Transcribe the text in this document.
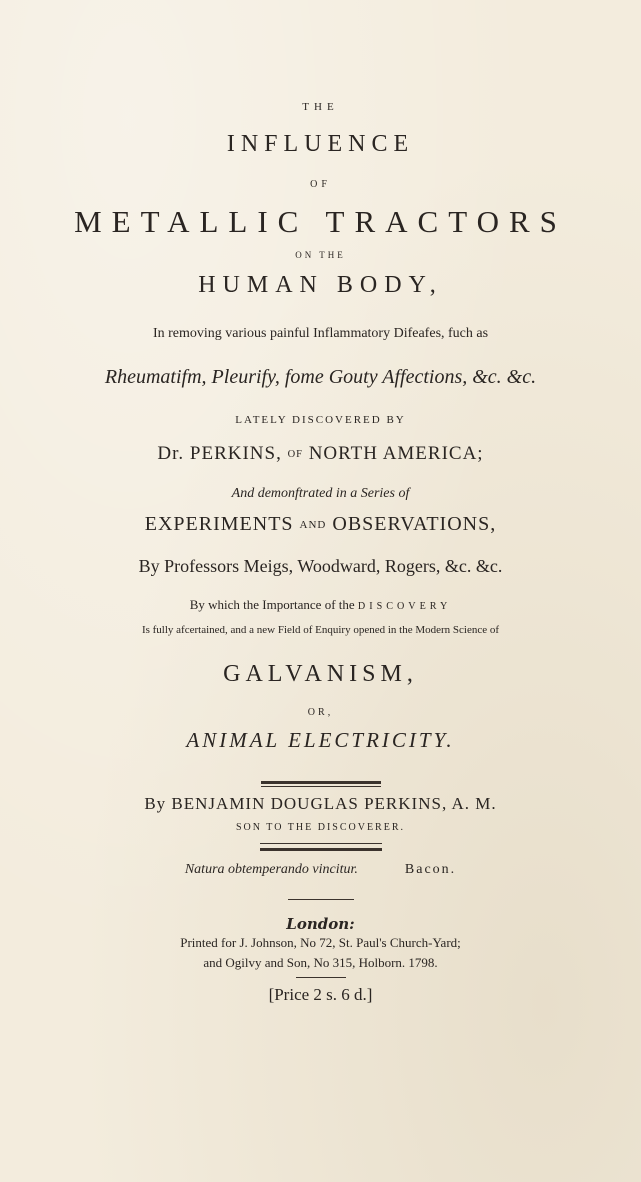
THE
INFLUENCE
OF
METALLIC TRACTORS
ON THE
HUMAN BODY,
In removing various painful Inflammatory Difeafes, fuch as
Rheumatifm, Pleurify, fome Gouty Affections, &c. &c.
LATELY DISCOVERED BY
Dr. PERKINS, OF NORTH AMERICA;
And demonftrated in a Series of
EXPERIMENTS AND OBSERVATIONS,
By Professors Meigs, Woodward, Rogers, &c. &c.
By which the Importance of the DISCOVERY
Is fully afcertained, and a new Field of Enquiry opened in the Modern Science of
GALVANISM,
OR,
ANIMAL ELECTRICITY.
By BENJAMIN DOUGLAS PERKINS, A. M.
SON TO THE DISCOVERER.
Natura obtemperando vincitur.	Bacon.
London:
Printed for J. Johnson, No 72, St. Paul's Church-Yard;
and Ogilvy and Son, No 315, Holborn. 1798.
[Price 2 s. 6 d.]
